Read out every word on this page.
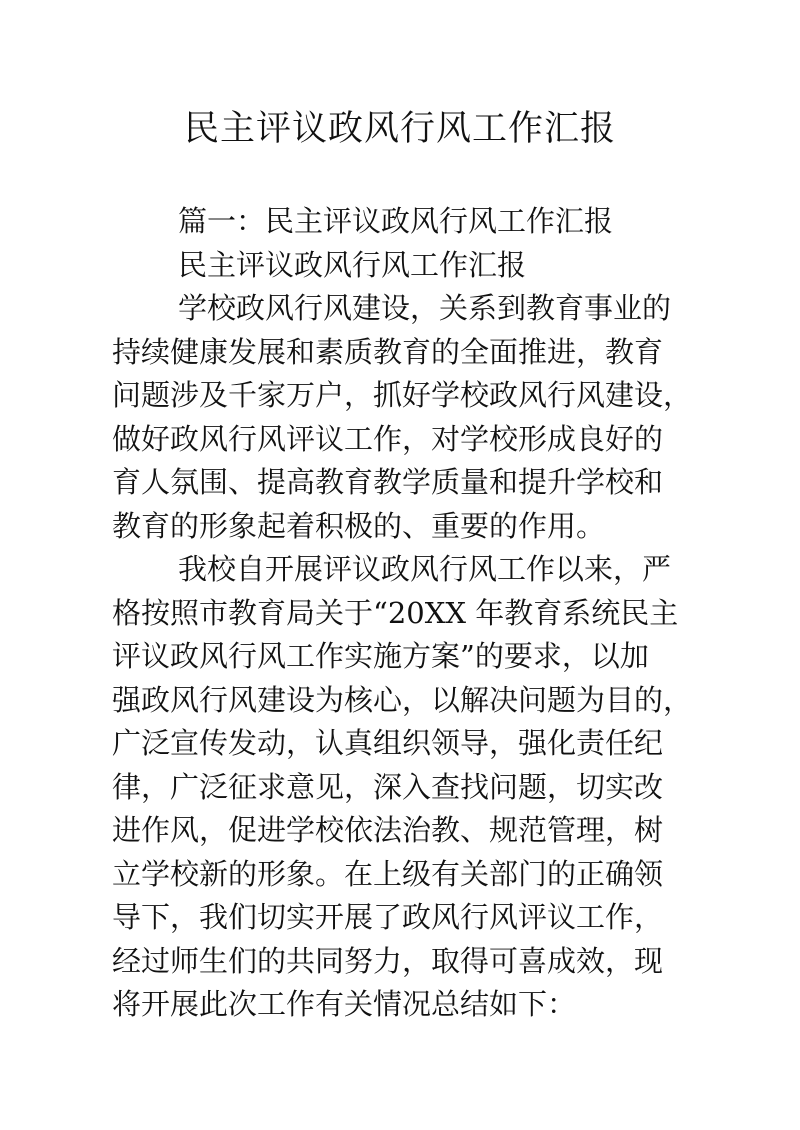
民主评议政风行风工作汇报

篇一：民主评议政风行风工作汇报

民主评议政风行风工作汇报

学校政风行风建设，关系到教育事业的

持续健康发展和素质教育的全面推进，教育

问题涉及千家万户，抓好学校政风行风建设，

做好政风行风评议工作，对学校形成良好的

育人氛围、提高教育教学质量和提升学校和

教育的形象起着积极的、重要的作用。

我校自开展评议政风行风工作以来，严

格按照市教育局关于“20XX 年教育系统民主

评议政风行风工作实施方案”的要求，以加

强政风行风建设为核心，以解决问题为目的，

广泛宣传发动，认真组织领导，强化责任纪

律，广泛征求意见，深入查找问题，切实改

进作风，促进学校依法治教、规范管理，树

立学校新的形象。在上级有关部门的正确领

导下，我们切实开展了政风行风评议工作，

经过师生们的共同努力，取得可喜成效，现

将开展此次工作有关情况总结如下：
